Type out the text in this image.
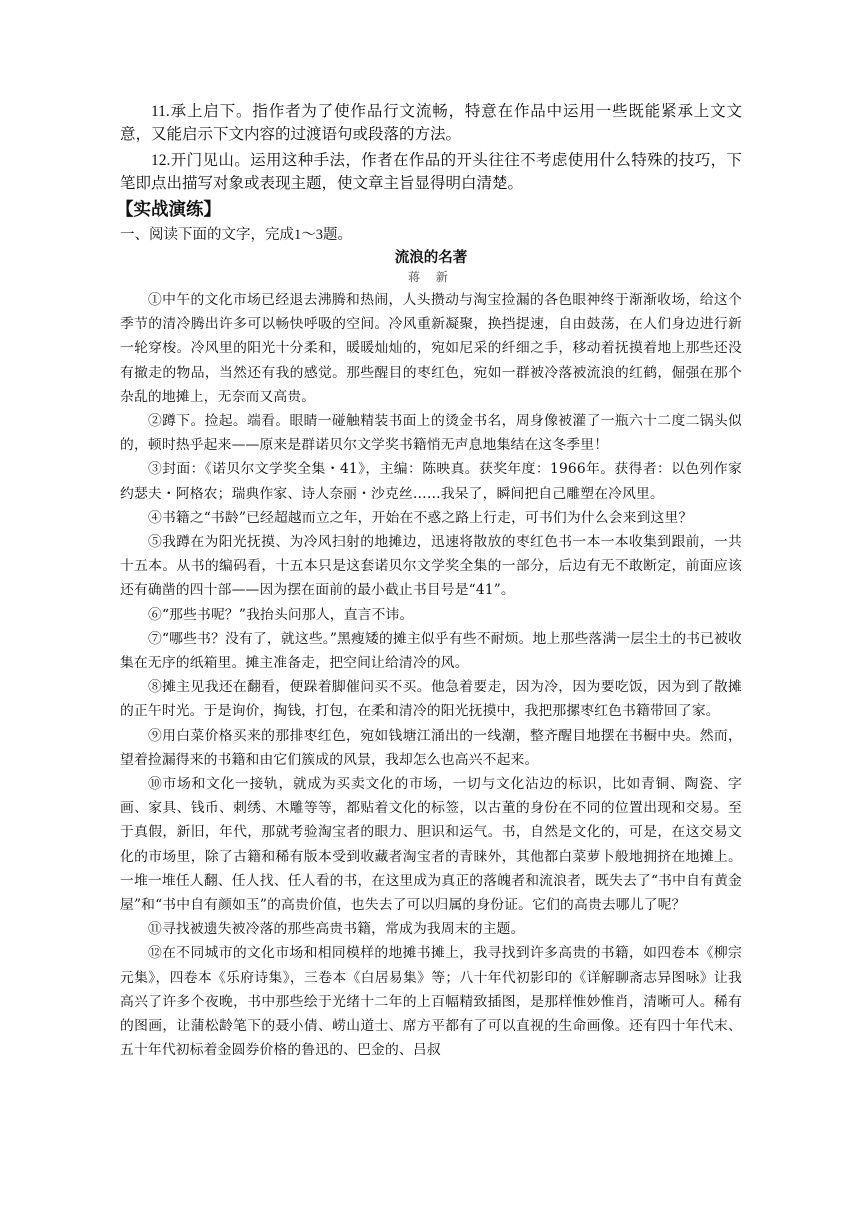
11.承上启下。指作者为了使作品行文流畅，特意在作品中运用一些既能紧承上文文意，又能启示下文内容的过渡语句或段落的方法。

12.开门见山。运用这种手法，作者在作品的开头往往不考虑使用什么特殊的技巧，下笔即点出描写对象或表现主题，使文章主旨显得明白清楚。

【实战演练】

一、阅读下面的文字，完成1～3题。

流浪的名著

蒋 新

①中午的文化市场已经退去沸腾和热闹，人头攒动与淘宝捡漏的各色眼神终于渐渐收场，给这个季节的清冷腾出许多可以畅快呼吸的空间。冷风重新凝聚，换挡提速，自由鼓荡，在人们身边进行新一轮穿梭。冷风里的阳光十分柔和，暖暖灿灿的，宛如尼采的纤细之手，移动着抚摸着地上那些还没有撤走的物品，当然还有我的感觉。那些醒目的枣红色，宛如一群被冷落被流浪的红鹤，倔强在那个杂乱的地摊上，无奈而又高贵。

②蹲下。捡起。端看。眼睛一碰触精装书面上的烫金书名，周身像被灌了一瓶六十二度二锅头似的，顿时热乎起来——原来是群诺贝尔文学奖书籍悄无声息地集结在这冬季里！

③封面：《诺贝尔文学奖全集・41》，主编：陈映真。获奖年度：1966年。获得者：以色列作家约瑟夫・阿格农；瑞典作家、诗人奈丽・沙克丝……我呆了，瞬间把自己雕塑在冷风里。

④书籍之“书龄”已经超越而立之年，开始在不惑之路上行走，可书们为什么会来到这里？

⑤我蹲在为阳光抚摸、为冷风扫射的地摊边，迅速将散放的枣红色书一本一本收集到跟前，一共十五本。从书的编码看，十五本只是这套诺贝尔文学奖全集的一部分，后边有无不敢断定，前面应该还有确凿的四十部——因为摆在面前的最小截止书目号是“41”。

⑥“那些书呢？”我抬头问那人，直言不讳。

⑦“哪些书？没有了，就这些。”黑瘦矮的摊主似乎有些不耐烦。地上那些落满一层尘土的书已被收集在无序的纸箱里。摊主准备走，把空间让给清冷的风。

⑧摊主见我还在翻看，便跺着脚催问买不买。他急着要走，因为冷，因为要吃饭，因为到了散摊的正午时光。于是询价，掏钱，打包，在柔和清冷的阳光抚摸中，我把那摞枣红色书籍带回了家。

⑨用白菜价格买来的那排枣红色，宛如钱塘江涌出的一线潮，整齐醒目地摆在书橱中央。然而，望着捡漏得来的书籍和由它们簇成的风景，我却怎么也高兴不起来。

⑩市场和文化一接轨，就成为买卖文化的市场，一切与文化沾边的标识，比如青铜、陶瓷、字画、家具、钱币、刺绣、木雕等等，都贴着文化的标签，以古董的身份在不同的位置出现和交易。至于真假，新旧，年代，那就考验淘宝者的眼力、胆识和运气。书，自然是文化的，可是，在这交易文化的市场里，除了古籍和稀有版本受到收藏者淘宝者的青睐外，其他都白菜萝卜般地拥挤在地摊上。一堆一堆任人翻、任人找、任人看的书，在这里成为真正的落魄者和流浪者，既失去了“书中自有黄金屋”和“书中自有颜如玉”的高贵价值，也失去了可以归属的身份证。它们的高贵去哪儿了呢？

⑪寻找被遗失被冷落的那些高贵书籍，常成为我周末的主题。

⑫在不同城市的文化市场和相同模样的地摊书摊上，我寻找到许多高贵的书籍，如四卷本《柳宗元集》，四卷本《乐府诗集》，三卷本《白居易集》等；八十年代初影印的《详解聊斋志异图咏》让我高兴了许多个夜晚，书中那些绘于光绪十二年的上百幅精致插图，是那样惟妙惟肖，清晰可人。稀有的图画，让蒲松龄笔下的聂小倩、崂山道士、席方平都有了可以直视的生命画像。还有四十年代末、五十年代初标着金圆券价格的鲁迅的、巴金的、吕叔
